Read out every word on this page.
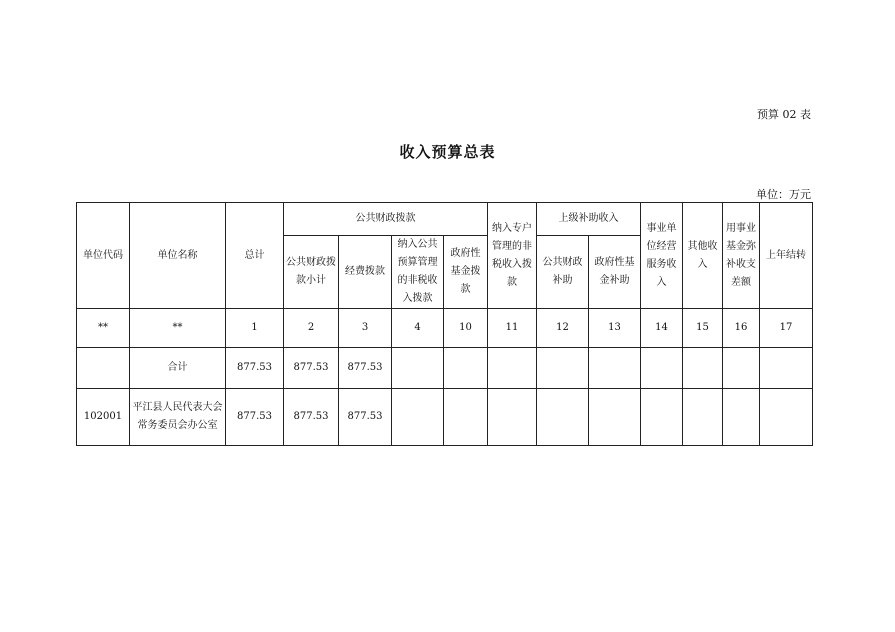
预算 02 表
收入预算总表
单位：万元
单位代码	单位名称	总计	公共财政拨款				纳入专户管理的非税收入拨款	上级补助收入		事业单位经营服务收入	其他收入	用事业基金弥补收支差额	上年结转
			公共财政拨款小计	经费拨款	纳入公共预算管理的非税收入拨款	政府性基金拨款							
								公共财政补助	政府性基金补助				
**	**	1	2	3	4	10	11	12	13	14	15	16	17
	合计	877.53	877.53	877.53									
102001	平江县人民代表大会常务委员会办公室	877.53	877.53	877.53									
